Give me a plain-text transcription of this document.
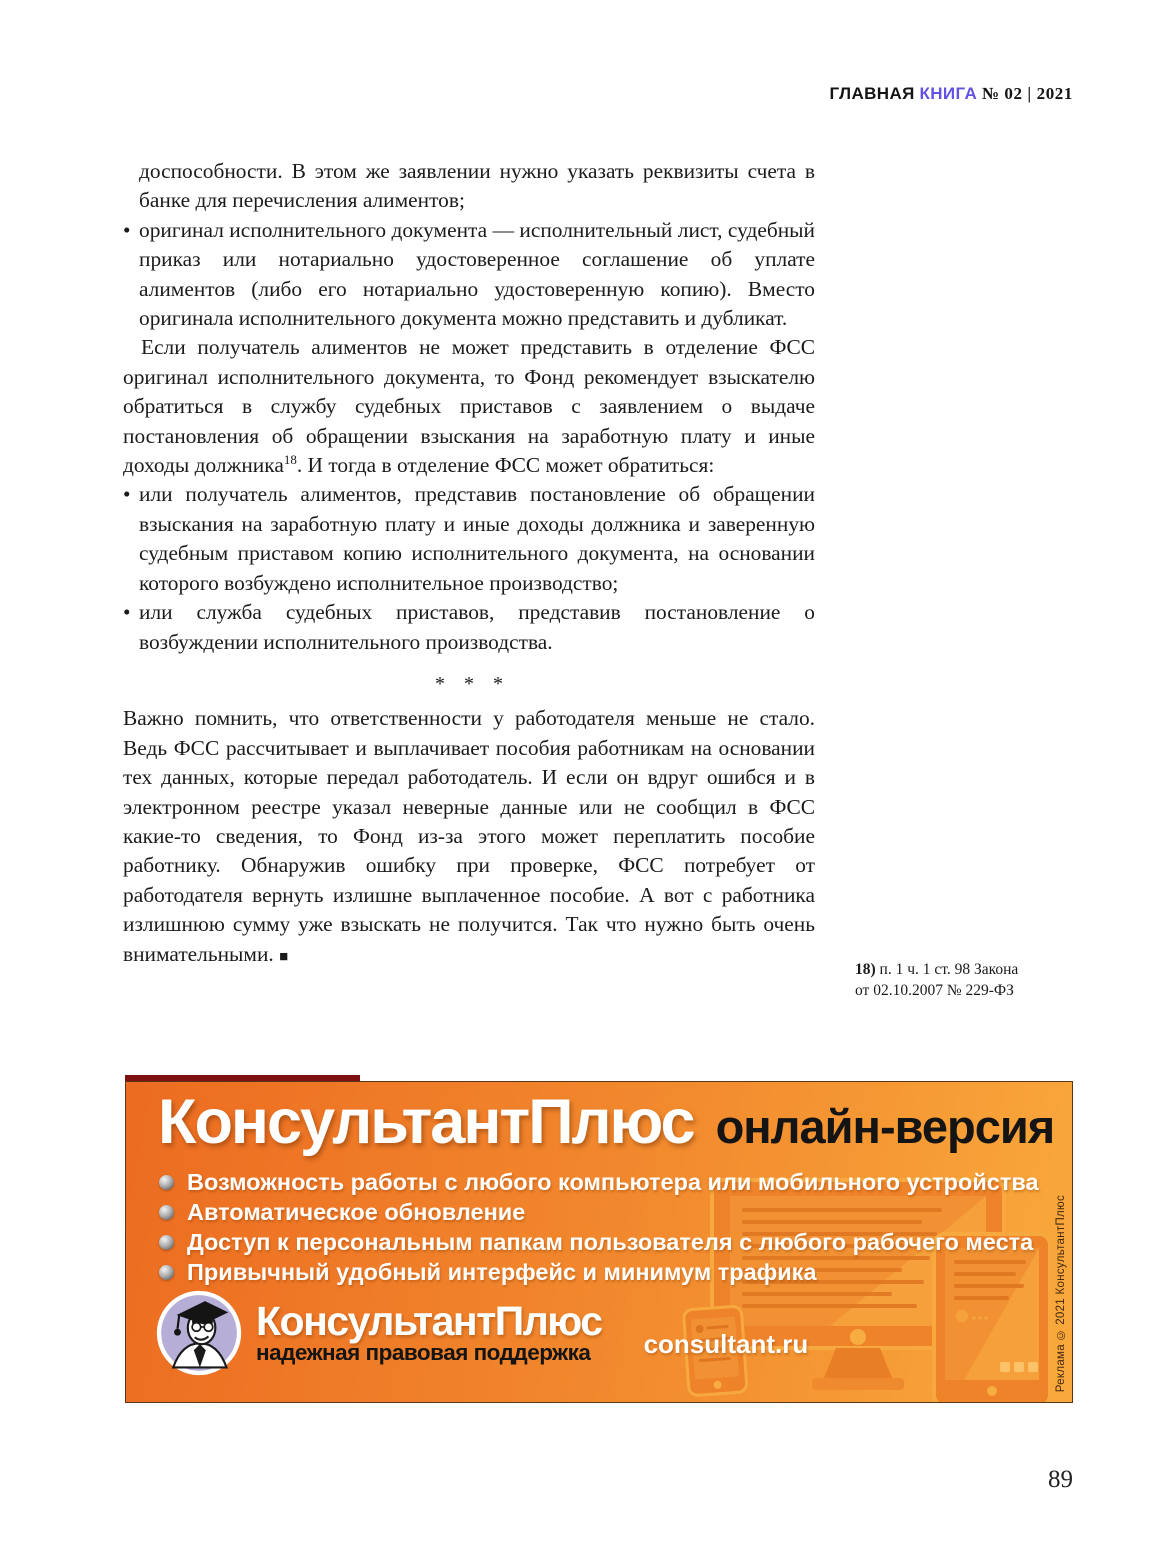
ГЛАВНАЯ КНИГА № 02 | 2021

доспособности. В этом же заявлении нужно указать реквизиты счета в банке для перечисления алиментов;

• оригинал исполнительного документа — исполнительный лист, судебный приказ или нотариально удостоверенное соглашение об уплате алиментов (либо его нотариально удостоверенную копию). Вместо оригинала исполнительного документа можно представить и дубликат.

Если получатель алиментов не может представить в отделение ФСС оригинал исполнительного документа, то Фонд рекомендует взыскателю обратиться в службу судебных приставов с заявлением о выдаче постановления об обращении взыскания на заработную плату и иные доходы должника$^{18}$. И тогда в отделение ФСС может обратиться:

• или получатель алиментов, представив постановление об обращении взыскания на заработную плату и иные доходы должника и заверенную судебным приставом копию исполнительного документа, на основании которого возбуждено исполнительное производство;
• или служба судебных приставов, представив постановление о возбуждении исполнительного производства.
* * *

Важно помнить, что ответственности у работодателя меньше не стало. Ведь ФСС рассчитывает и выплачивает пособия работникам на основании тех данных, которые передал работодатель. И если он вдруг ошибся и в электронном реестре указал неверные данные или не сообщил в ФСС какие-то сведения, то Фонд из-за этого может переплатить пособие работнику. Обнаружив ошибку при проверке, ФСС потребует от работодателя вернуть излишне выплаченное пособие. А вот с работника излишнюю сумму уже взыскать не получится. Так что нужно быть очень внимательными. ■

18) п. 1 ч. 1 ст. 98 Закона
от 02.10.2007 № 229-ФЗ
КонсультантПлюс онлайн-версия
Возможность работы с любого компьютера или мобильного устройства
Автоматическое обновление
Доступ к персональным папкам пользователя с любого рабочего места
Привычный удобный интерфейс и минимум трафика
КонсультантПлюс
надежная правовая поддержка	consultant.ru	Реклама © 2021 КонсультантПлюс
89
